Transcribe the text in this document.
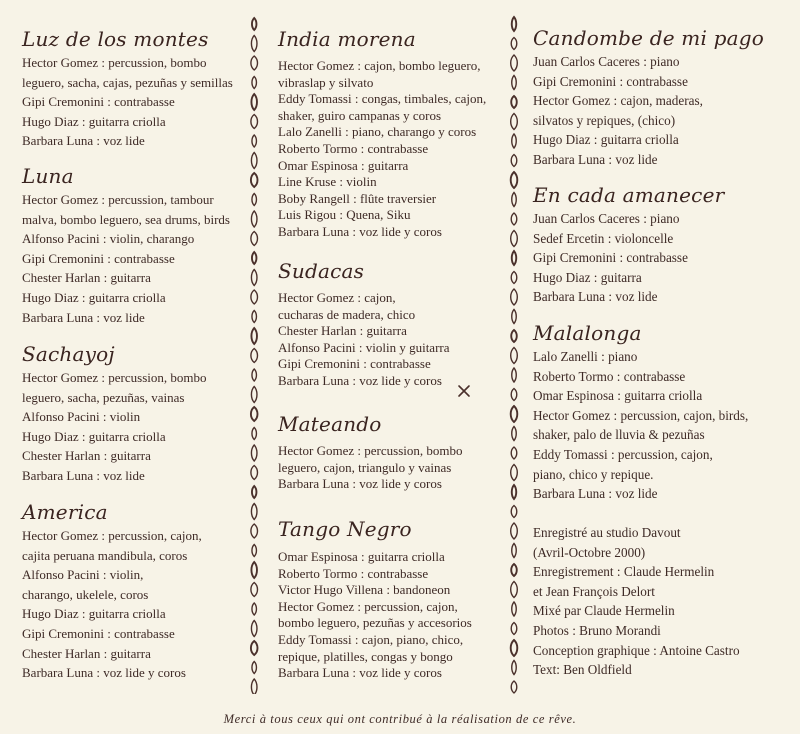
Luz de los montes
Hector Gomez : percussion, bombo
leguero, sacha, cajas, pezuñas y semillas
Gipi Cremonini : contrabasse
Hugo Diaz : guitarra criolla
Barbara Luna : voz lide
Luna
Hector Gomez : percussion, tambour
malva, bombo leguero, sea drums, birds
Alfonso Pacini : violin, charango
Gipi Cremonini : contrabasse
Chester Harlan : guitarra
Hugo Diaz : guitarra criolla
Barbara Luna : voz lide
Sachayoj
Hector Gomez : percussion, bombo
leguero, sacha, pezuñas, vainas
Alfonso Pacini : violin
Hugo Diaz : guitarra criolla
Chester Harlan : guitarra
Barbara Luna : voz lide
America
Hector Gomez : percussion, cajon,
cajita peruana mandibula, coros
Alfonso Pacini : violin,
charango, ukelele, coros
Hugo Diaz : guitarra criolla
Gipi Cremonini : contrabasse
Chester Harlan : guitarra
Barbara Luna : voz lide y coros
India morena
Hector Gomez : cajon, bombo leguero,
vibraslap y silvato
Eddy Tomassi : congas, timbales, cajon,
shaker, guiro campanas y coros
Lalo Zanelli : piano, charango y coros
Roberto Tormo : contrabasse
Omar Espinosa : guitarra
Line Kruse : violin
Boby Rangell : flûte traversier
Luis Rigou : Quena, Siku
Barbara Luna : voz lide y coros
Sudacas
Hector Gomez : cajon,
cucharas de madera, chico
Chester Harlan : guitarra
Alfonso Pacini : violin y guitarra
Gipi Cremonini : contrabasse
Barbara Luna : voz lide y coros
Mateando
Hector Gomez : percussion, bombo
leguero, cajon, triangulo y vainas
Barbara Luna : voz lide y coros
Tango Negro
Omar Espinosa : guitarra criolla
Roberto Tormo : contrabasse
Victor Hugo Villena : bandoneon
Hector Gomez : percussion, cajon,
bombo leguero, pezuñas y accesorios
Eddy Tomassi : cajon, piano, chico,
repique, platilles, congas y bongo
Barbara Luna : voz lide y coros
Candombe de mi pago
Juan Carlos Caceres : piano
Gipi Cremonini : contrabasse
Hector Gomez : cajon, maderas,
silvatos y repiques, (chico)
Hugo Diaz : guitarra criolla
Barbara Luna : voz lide
En cada amanecer
Juan Carlos Caceres : piano
Sedef Ercetin : violoncelle
Gipi Cremonini : contrabasse
Hugo Diaz : guitarra
Barbara Luna : voz lide
Malalonga
Lalo Zanelli : piano
Roberto Tormo : contrabasse
Omar Espinosa : guitarra criolla
Hector Gomez : percussion, cajon, birds,
shaker, palo de lluvia & pezuñas
Eddy Tomassi : percussion, cajon,
piano, chico y repique.
Barbara Luna : voz lide
Enregistré au studio Davout
(Avril-Octobre 2000)
Enregistrement : Claude Hermelin
et Jean François Delort
Mixé par Claude Hermelin
Photos : Bruno Morandi
Conception graphique : Antoine Castro
Text: Ben Oldfield
Merci à tous ceux qui ont contribué à la réalisation de ce rêve.
